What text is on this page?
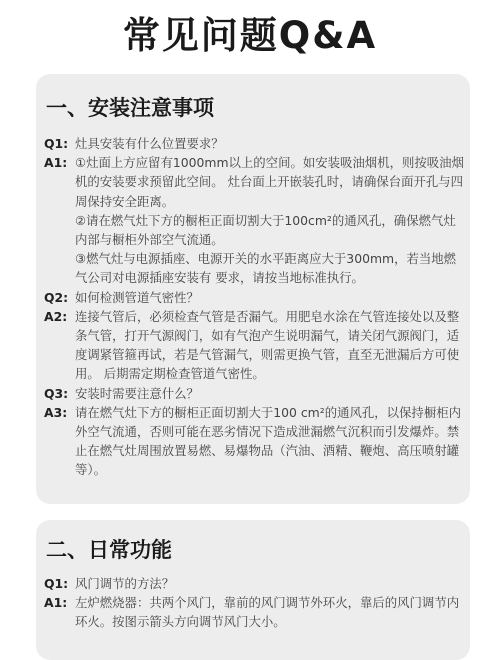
常见问题Q&A
一、安装注意事项
Q1: 灶具安装有什么位置要求？

A1: ①灶面上方应留有1000mm以上的空间。如安装吸油烟机，则按吸油烟机的安装要求预留此空间。 灶台面上开嵌装孔时，请确保台面开孔与四周保持安全距离。

②请在燃气灶下方的橱柜正面切割大于100cm²的通风孔，确保燃气灶内部与橱柜外部空气流通。

③燃气灶与电源插座、电源开关的水平距离应大于300mm，若当地燃气公司对电源插座安装有 要求，请按当地标准执行。

Q2: 如何检测管道气密性？

A2: 连接气管后，必须检查气管是否漏气。用肥皂水涂在气管连接处以及整条气管，打开气源阀门，如有气泡产生说明漏气，请关闭气源阀门，适度调紧管箍再试，若是气管漏气，则需更换气管，直至无泄漏后方可使用。 后期需定期检查管道气密性。

Q3: 安装时需要注意什么？

A3: 请在燃气灶下方的橱柜正面切割大于100 cm²的通风孔，以保持橱柜内外空气流通，否则可能在恶劣情况下造成泄漏燃气沉积而引发爆炸。禁止在燃气灶周围放置易燃、易爆物品（汽油、酒精、鞭炮、高压喷射罐等）。

二、日常功能
Q1: 风门调节的方法？

A1: 左炉燃烧器：共两个风门，靠前的风门调节外环火，靠后的风门调节内环火。按图示箭头方向调节风门大小。
